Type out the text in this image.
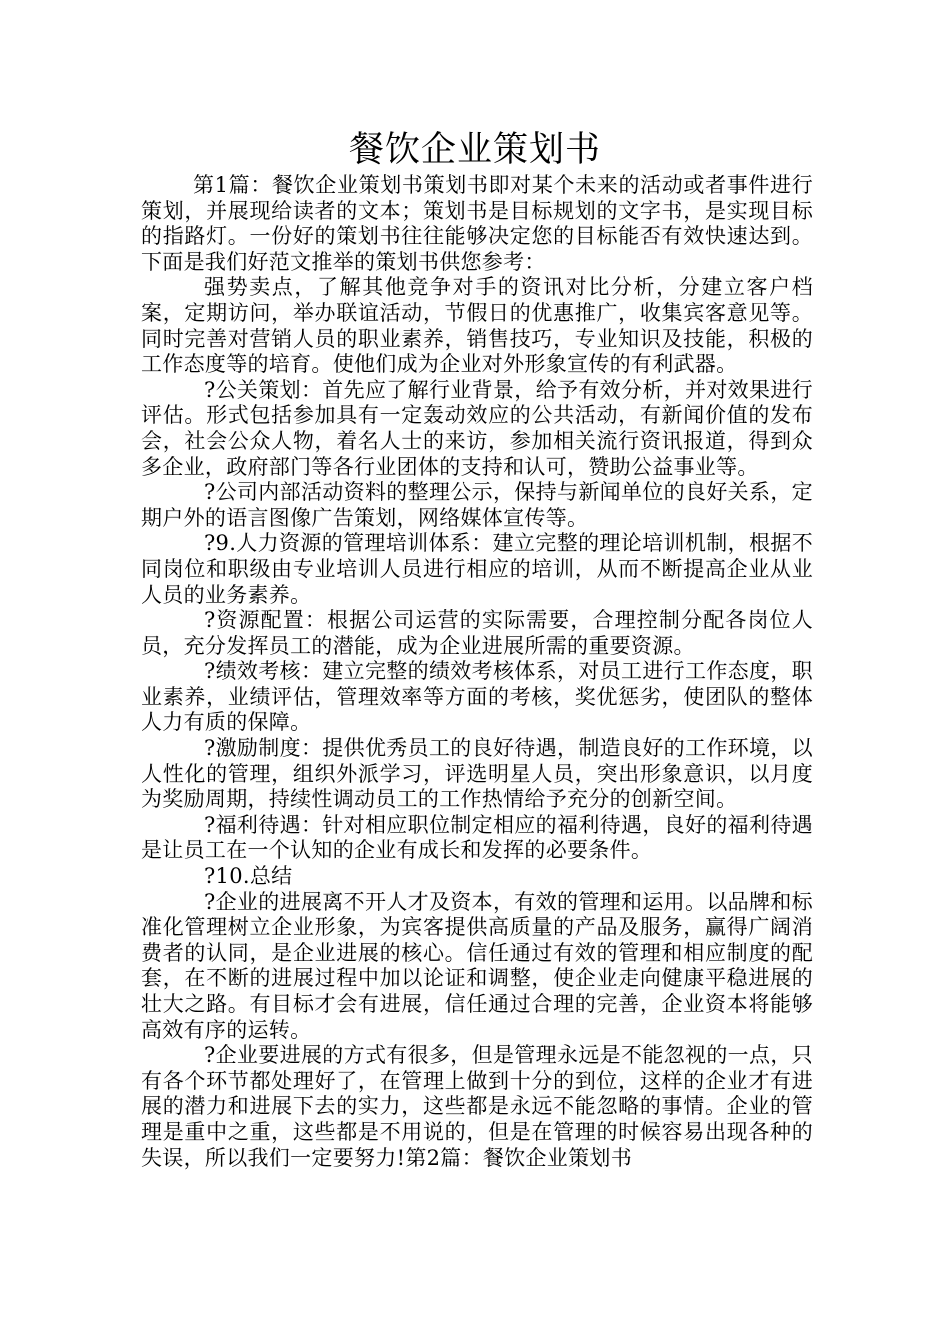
餐饮企业策划书

第1篇：餐饮企业策划书策划书即对某个未来的活动或者事件进行策划，并展现给读者的文本；策划书是目标规划的文字书，是实现目标的指路灯。一份好的策划书往往能够决定您的目标能否有效快速达到。下面是我们好范文推举的策划书供您参考：

强势卖点，了解其他竞争对手的资讯对比分析，分建立客户档案，定期访问，举办联谊活动，节假日的优惠推广，收集宾客意见等。同时完善对营销人员的职业素养，销售技巧，专业知识及技能，积极的工作态度等的培育。使他们成为企业对外形象宣传的有利武器。

?公关策划：首先应了解行业背景，给予有效分析，并对效果进行评估。形式包括参加具有一定轰动效应的公共活动，有新闻价值的发布会，社会公众人物，着名人士的来访，参加相关流行资讯报道，得到众多企业，政府部门等各行业团体的支持和认可，赞助公益事业等。

?公司内部活动资料的整理公示，保持与新闻单位的良好关系，定期户外的语言图像广告策划，网络媒体宣传等。

?9.人力资源的管理培训体系：建立完整的理论培训机制，根据不同岗位和职级由专业培训人员进行相应的培训，从而不断提高企业从业人员的业务素养。

?资源配置：根据公司运营的实际需要，合理控制分配各岗位人员，充分发挥员工的潜能，成为企业进展所需的重要资源。

?绩效考核：建立完整的绩效考核体系，对员工进行工作态度，职业素养，业绩评估，管理效率等方面的考核，奖优惩劣，使团队的整体人力有质的保障。

?激励制度：提供优秀员工的良好待遇，制造良好的工作环境，以人性化的管理，组织外派学习，评选明星人员，突出形象意识，以月度为奖励周期，持续性调动员工的工作热情给予充分的创新空间。

?福利待遇：针对相应职位制定相应的福利待遇，良好的福利待遇是让员工在一个认知的企业有成长和发挥的必要条件。

?10.总结

?企业的进展离不开人才及资本，有效的管理和运用。以品牌和标准化管理树立企业形象，为宾客提供高质量的产品及服务，赢得广阔消费者的认同，是企业进展的核心。信任通过有效的管理和相应制度的配套，在不断的进展过程中加以论证和调整，使企业走向健康平稳进展的壮大之路。有目标才会有进展，信任通过合理的完善，企业资本将能够高效有序的运转。

?企业要进展的方式有很多，但是管理永远是不能忽视的一点，只有各个环节都处理好了，在管理上做到十分的到位，这样的企业才有进展的潜力和进展下去的实力，这些都是永远不能忽略的事情。企业的管理是重中之重，这些都是不用说的，但是在管理的时候容易出现各种的失误，所以我们一定要努力!第2篇：餐饮企业策划书
